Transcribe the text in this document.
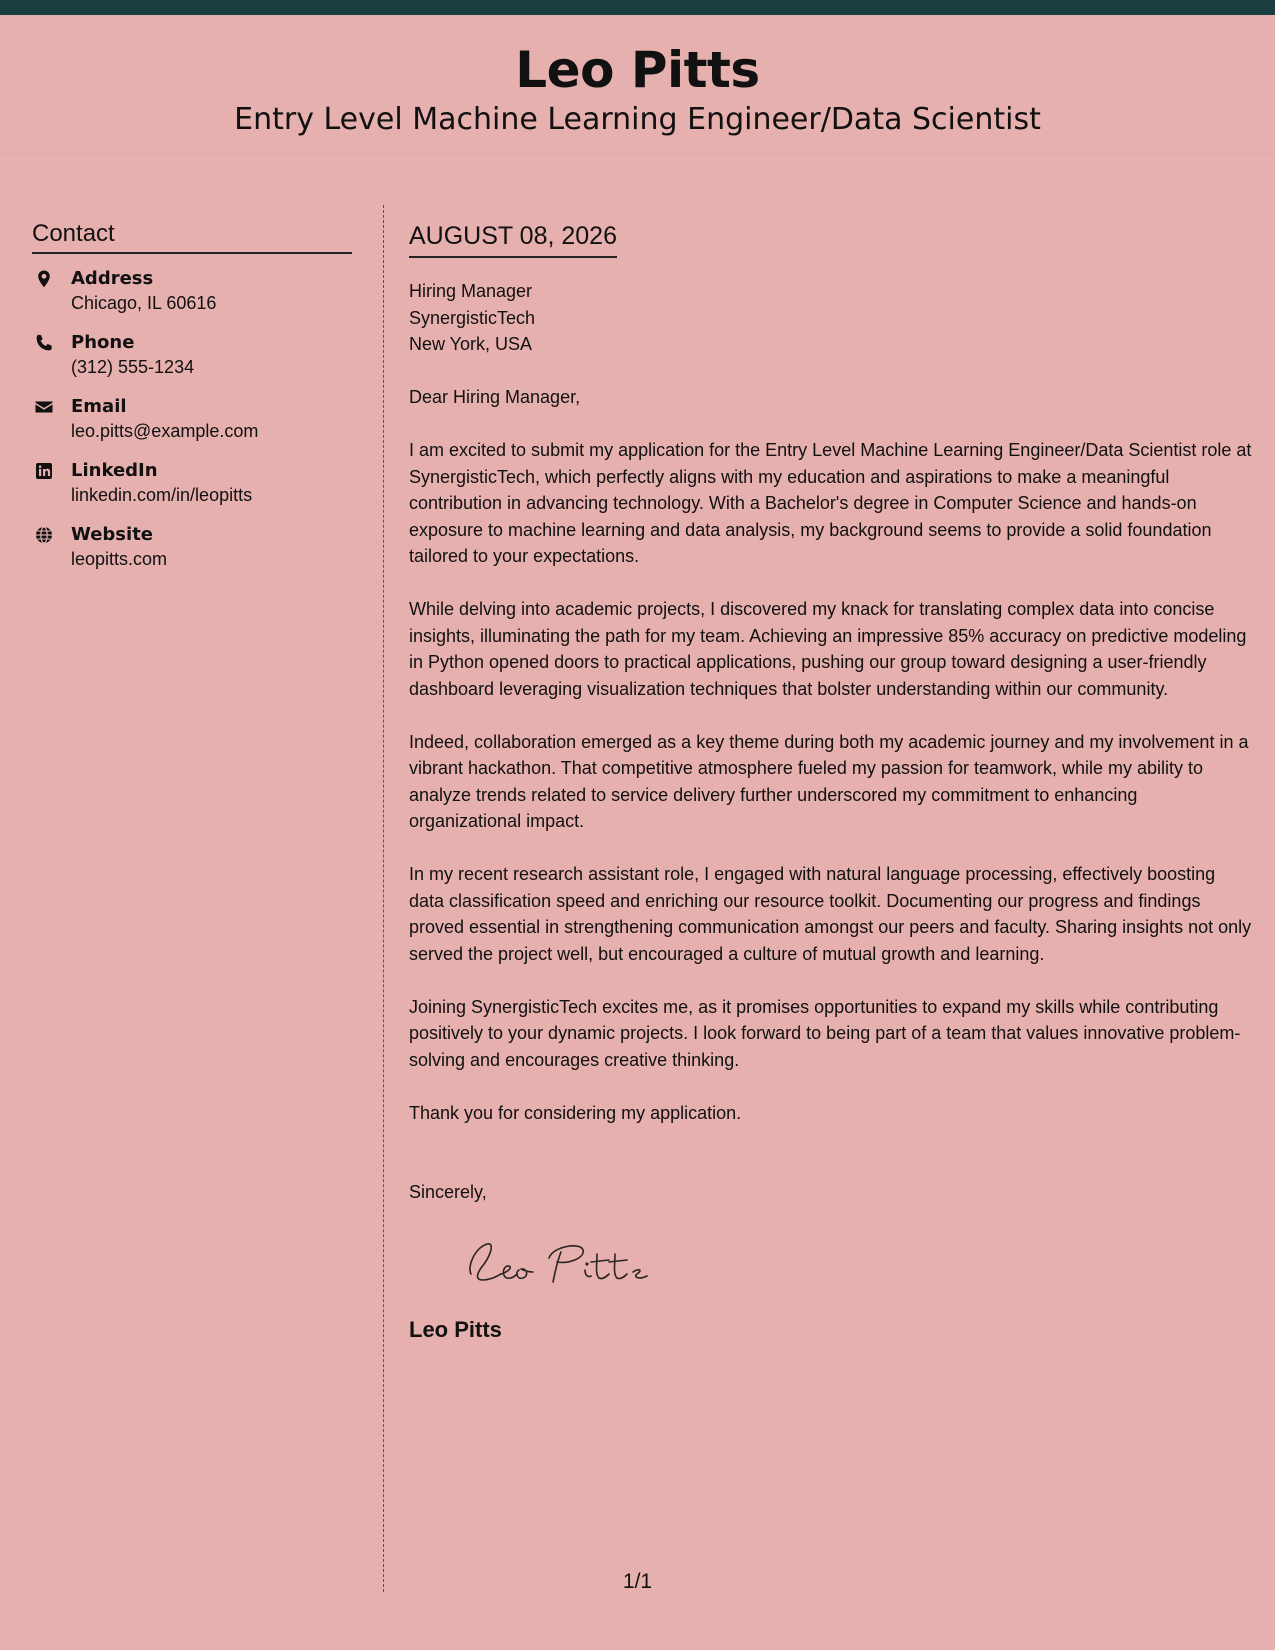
Leo Pitts
Entry Level Machine Learning Engineer/Data Scientist
Contact
Address
Chicago, IL 60616
Phone
(312) 555-1234
Email
leo.pitts@example.com
LinkedIn
linkedin.com/in/leopitts
Website
leopitts.com
AUGUST 08, 2026
Hiring Manager
SynergisticTech
New York, USA
Dear Hiring Manager,

I am excited to submit my application for the Entry Level Machine Learning Engineer/Data Scientist role at SynergisticTech, which perfectly aligns with my education and aspirations to make a meaningful contribution in advancing technology. With a Bachelor's degree in Computer Science and hands-on exposure to machine learning and data analysis, my background seems to provide a solid foundation tailored to your expectations.

While delving into academic projects, I discovered my knack for translating complex data into concise insights, illuminating the path for my team. Achieving an impressive 85% accuracy on predictive modeling in Python opened doors to practical applications, pushing our group toward designing a user-friendly dashboard leveraging visualization techniques that bolster understanding within our community.

Indeed, collaboration emerged as a key theme during both my academic journey and my involvement in a vibrant hackathon. That competitive atmosphere fueled my passion for teamwork, while my ability to analyze trends related to service delivery further underscored my commitment to enhancing organizational impact.

In my recent research assistant role, I engaged with natural language processing, effectively boosting data classification speed and enriching our resource toolkit. Documenting our progress and findings proved essential in strengthening communication amongst our peers and faculty. Sharing insights not only served the project well, but encouraged a culture of mutual growth and learning.

Joining SynergisticTech excites me, as it promises opportunities to expand my skills while contributing positively to your dynamic projects. I look forward to being part of a team that values innovative problem-solving and encourages creative thinking.

Thank you for considering my application.

Sincerely,
Leo Pitts
1/1
